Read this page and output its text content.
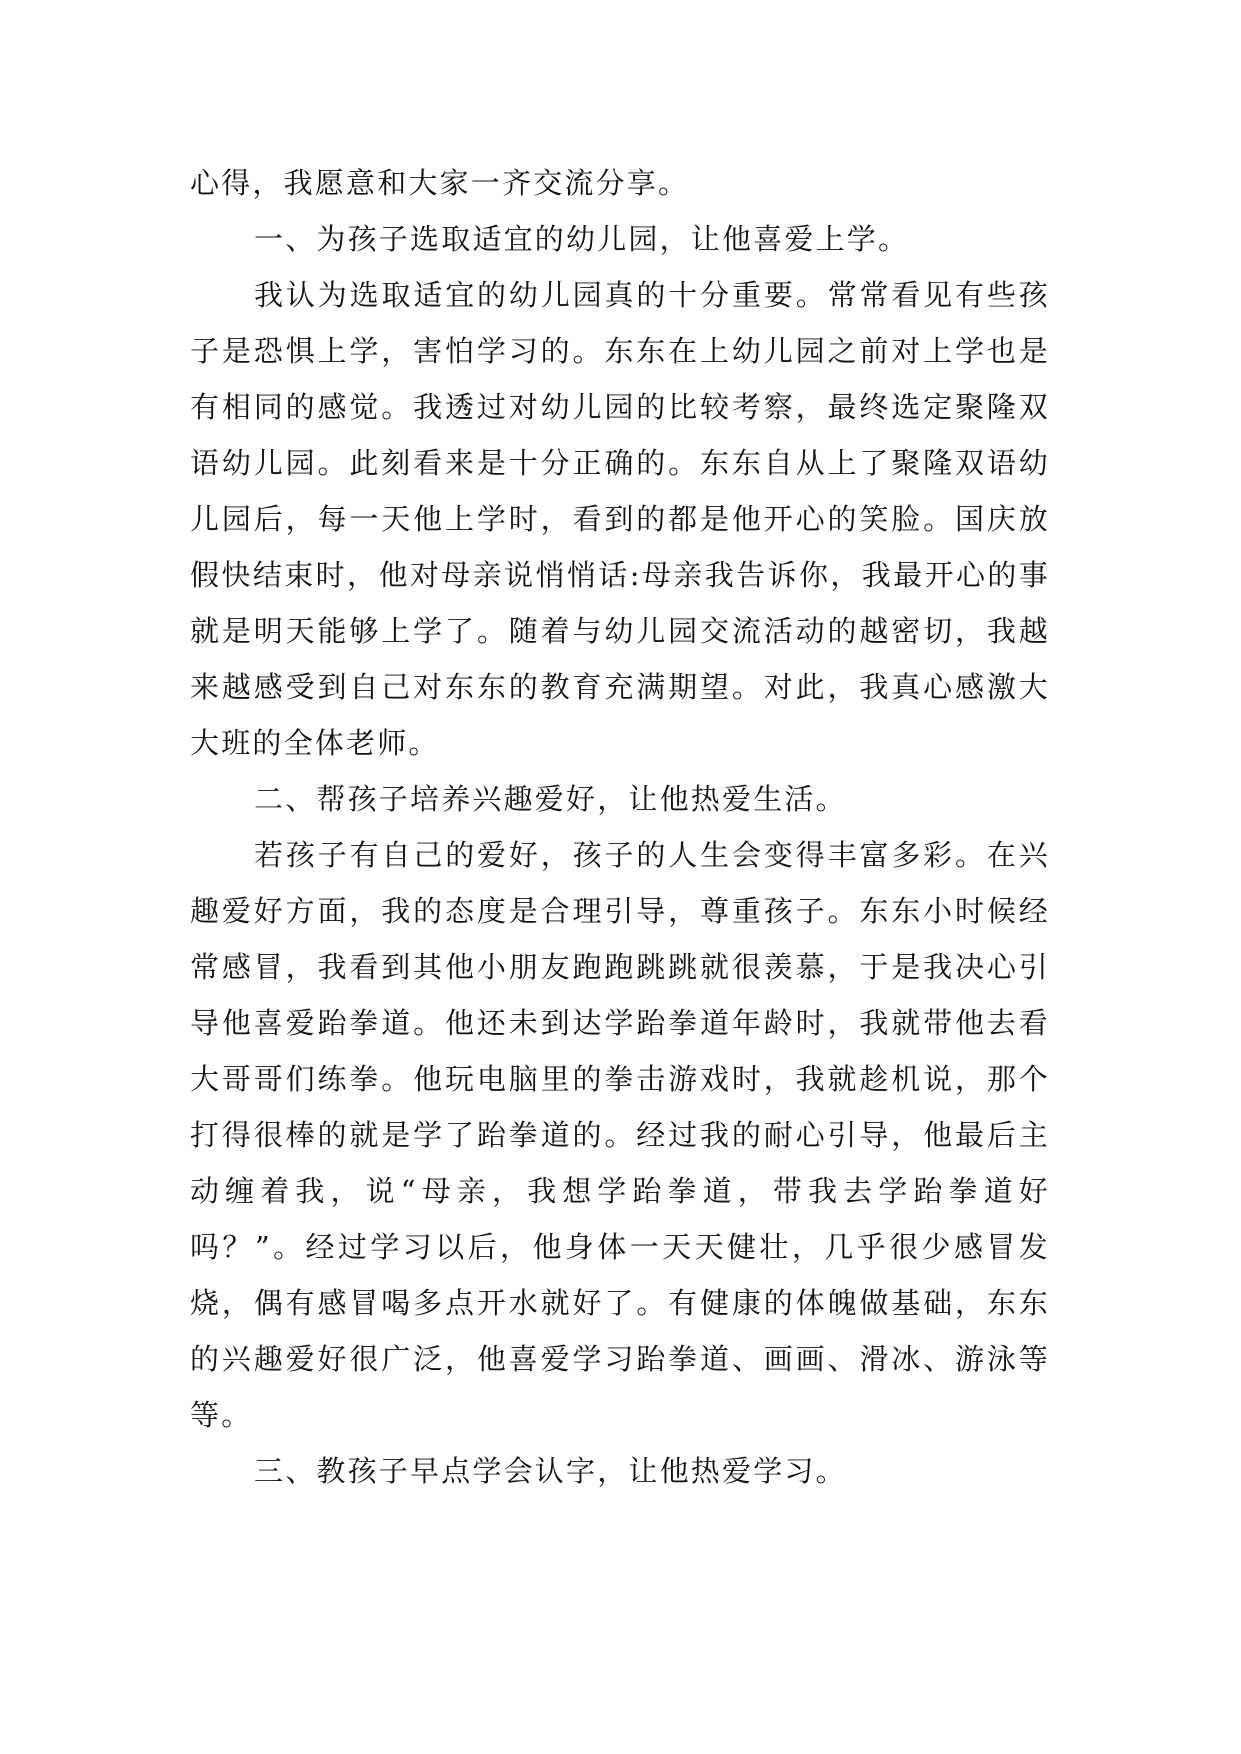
心得，我愿意和大家一齐交流分享。

一、为孩子选取适宜的幼儿园，让他喜爱上学。

我认为选取适宜的幼儿园真的十分重要。常常看见有些孩子是恐惧上学，害怕学习的。东东在上幼儿园之前对上学也是有相同的感觉。我透过对幼儿园的比较考察，最终选定聚隆双语幼儿园。此刻看来是十分正确的。东东自从上了聚隆双语幼儿园后，每一天他上学时，看到的都是他开心的笑脸。国庆放假快结束时，他对母亲说悄悄话:母亲我告诉你，我最开心的事就是明天能够上学了。随着与幼儿园交流活动的越密切，我越来越感受到自己对东东的教育充满期望。对此，我真心感激大大班的全体老师。

二、帮孩子培养兴趣爱好，让他热爱生活。

若孩子有自己的爱好，孩子的人生会变得丰富多彩。在兴趣爱好方面，我的态度是合理引导，尊重孩子。东东小时候经常感冒，我看到其他小朋友跑跑跳跳就很羡慕，于是我决心引导他喜爱跆拳道。他还未到达学跆拳道年龄时，我就带他去看大哥哥们练拳。他玩电脑里的拳击游戏时，我就趁机说，那个打得很棒的就是学了跆拳道的。经过我的耐心引导，他最后主动缠着我，说“母亲，我想学跆拳道，带我去学跆拳道好吗？”。经过学习以后，他身体一天天健壮，几乎很少感冒发烧，偶有感冒喝多点开水就好了。有健康的体魄做基础，东东的兴趣爱好很广泛，他喜爱学习跆拳道、画画、滑冰、游泳等等。

三、教孩子早点学会认字，让他热爱学习。
